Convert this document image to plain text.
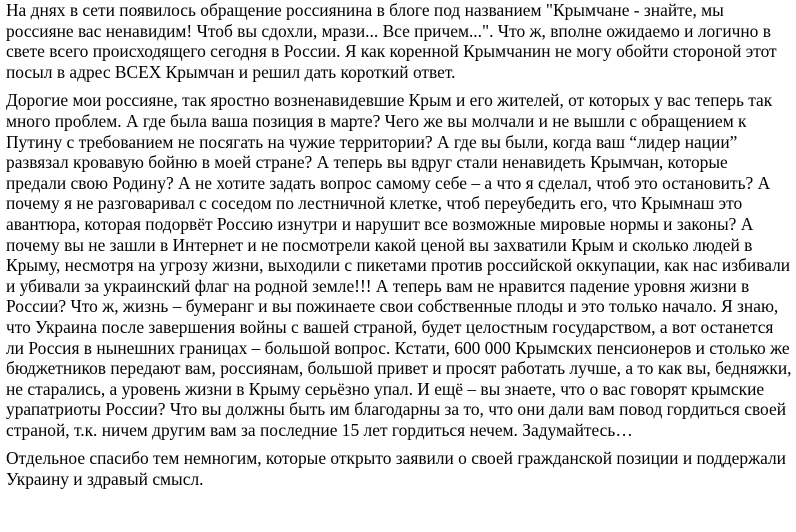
На днях в сети появилось обращение россиянина в блоге под названием "Крымчане - знайте, мы россияне вас ненавидим! Чтоб вы сдохли, мрази... Все причем...". Что ж, вполне ожидаемо и логично в свете всего происходящего сегодня в России. Я как коренной Крымчанин не могу обойти стороной этот посыл в адрес ВСЕХ Крымчан и решил дать короткий ответ.

Дорогие мои россияне, так яростно возненавидевшие Крым и его жителей, от которых у вас теперь так много проблем. А где была ваша позиция в марте? Чего же вы молчали и не вышли с обращением к Путину с требованием не посягать на чужие территории? А где вы были, когда ваш “лидер нации” развязал кровавую бойню в моей стране? А теперь вы вдруг стали ненавидеть Крымчан, которые предали свою Родину? А не хотите задать вопрос самому себе – а что я сделал, чтоб это остановить? А почему я не разговаривал с соседом по лестничной клетке, чтоб переубедить его, что Крымнаш это авантюра, которая подорвёт Россию изнутри и нарушит все возможные мировые нормы и законы? А почему вы не зашли в Интернет и не посмотрели какой ценой вы захватили Крым и сколько людей в Крыму, несмотря на угрозу жизни, выходили с пикетами против российской оккупации, как нас избивали и убивали за украинский флаг на родной земле!!! А теперь вам не нравится падение уровня жизни в России? Что ж, жизнь – бумеранг и вы пожинаете свои собственные плоды и это только начало. Я знаю, что Украина после завершения войны с вашей страной, будет целостным государством, а вот останется ли Россия в нынешних границах – большой вопрос. Кстати, 600 000 Крымских пенсионеров и столько же бюджетников передают вам, россиянам, большой привет и просят работать лучше, а то как вы, бедняжки, не старались, а уровень жизни в Крыму серьёзно упал. И ещё – вы знаете, что о вас говорят крымские урапатриоты России? Что вы должны быть им благодарны за то, что они дали вам повод гордиться своей страной, т.к. ничем другим вам за последние 15 лет гордиться нечем. Задумайтесь…

Отдельное спасибо тем немногим, которые открыто заявили о своей гражданской позиции и поддержали Украину и здравый смысл.
